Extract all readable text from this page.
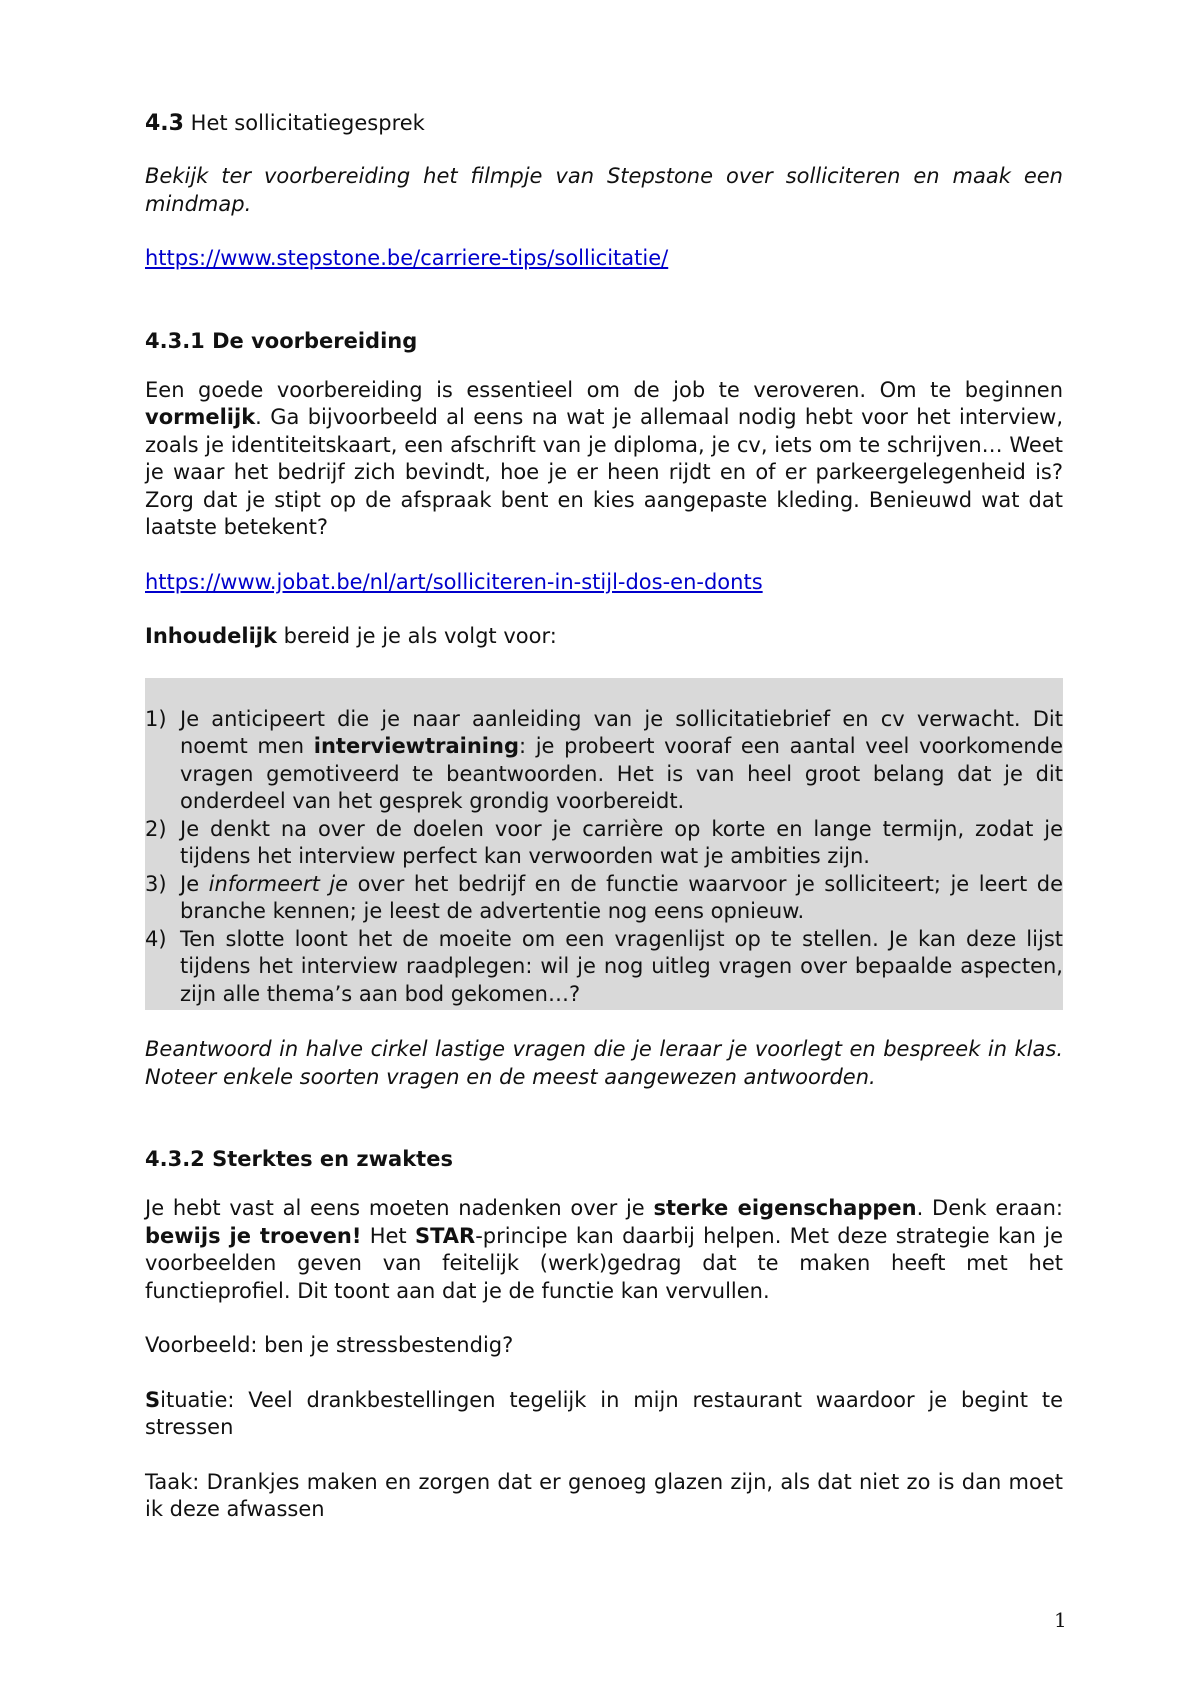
4.3 Het sollicitatiegesprek

Bekijk ter voorbereiding het filmpje van Stepstone over solliciteren en maak een mindmap.

https://www.stepstone.be/carriere-tips/sollicitatie/

4.3.1 De voorbereiding

Een goede voorbereiding is essentieel om de job te veroveren. Om te beginnen vormelijk. Ga bijvoorbeeld al eens na wat je allemaal nodig hebt voor het interview, zoals je identiteitskaart, een afschrift van je diploma, je cv, iets om te schrijven… Weet je waar het bedrijf zich bevindt, hoe je er heen rijdt en of er parkeergelegenheid is? Zorg dat je stipt op de afspraak bent en kies aangepaste kleding. Benieuwd wat dat laatste betekent?

https://www.jobat.be/nl/art/solliciteren-in-stijl-dos-en-donts

Inhoudelijk bereid je je als volgt voor:

1) Je anticipeert die je naar aanleiding van je sollicitatiebrief en cv verwacht. Dit noemt men interviewtraining: je probeert vooraf een aantal veel voorkomende vragen gemotiveerd te beantwoorden. Het is van heel groot belang dat je dit onderdeel van het gesprek grondig voorbereidt.
2) Je denkt na over de doelen voor je carrière op korte en lange termijn, zodat je tijdens het interview perfect kan verwoorden wat je ambities zijn.
3) Je informeert je over het bedrijf en de functie waarvoor je solliciteert; je leert de branche kennen; je leest de advertentie nog eens opnieuw.
4) Ten slotte loont het de moeite om een vragenlijst op te stellen. Je kan deze lijst tijdens het interview raadplegen: wil je nog uitleg vragen over bepaalde aspecten, zijn alle thema’s aan bod gekomen…?

Beantwoord in halve cirkel lastige vragen die je leraar je voorlegt en bespreek in klas. Noteer enkele soorten vragen en de meest aangewezen antwoorden.

4.3.2 Sterktes en zwaktes

Je hebt vast al eens moeten nadenken over je sterke eigenschappen. Denk eraan: bewijs je troeven! Het STAR-principe kan daarbij helpen. Met deze strategie kan je voorbeelden geven van feitelijk (werk)gedrag dat te maken heeft met het functieprofiel. Dit toont aan dat je de functie kan vervullen.

Voorbeeld: ben je stressbestendig?

Situatie: Veel drankbestellingen tegelijk in mijn restaurant waardoor je begint te stressen

Taak: Drankjes maken en zorgen dat er genoeg glazen zijn, als dat niet zo is dan moet ik deze afwassen

1
